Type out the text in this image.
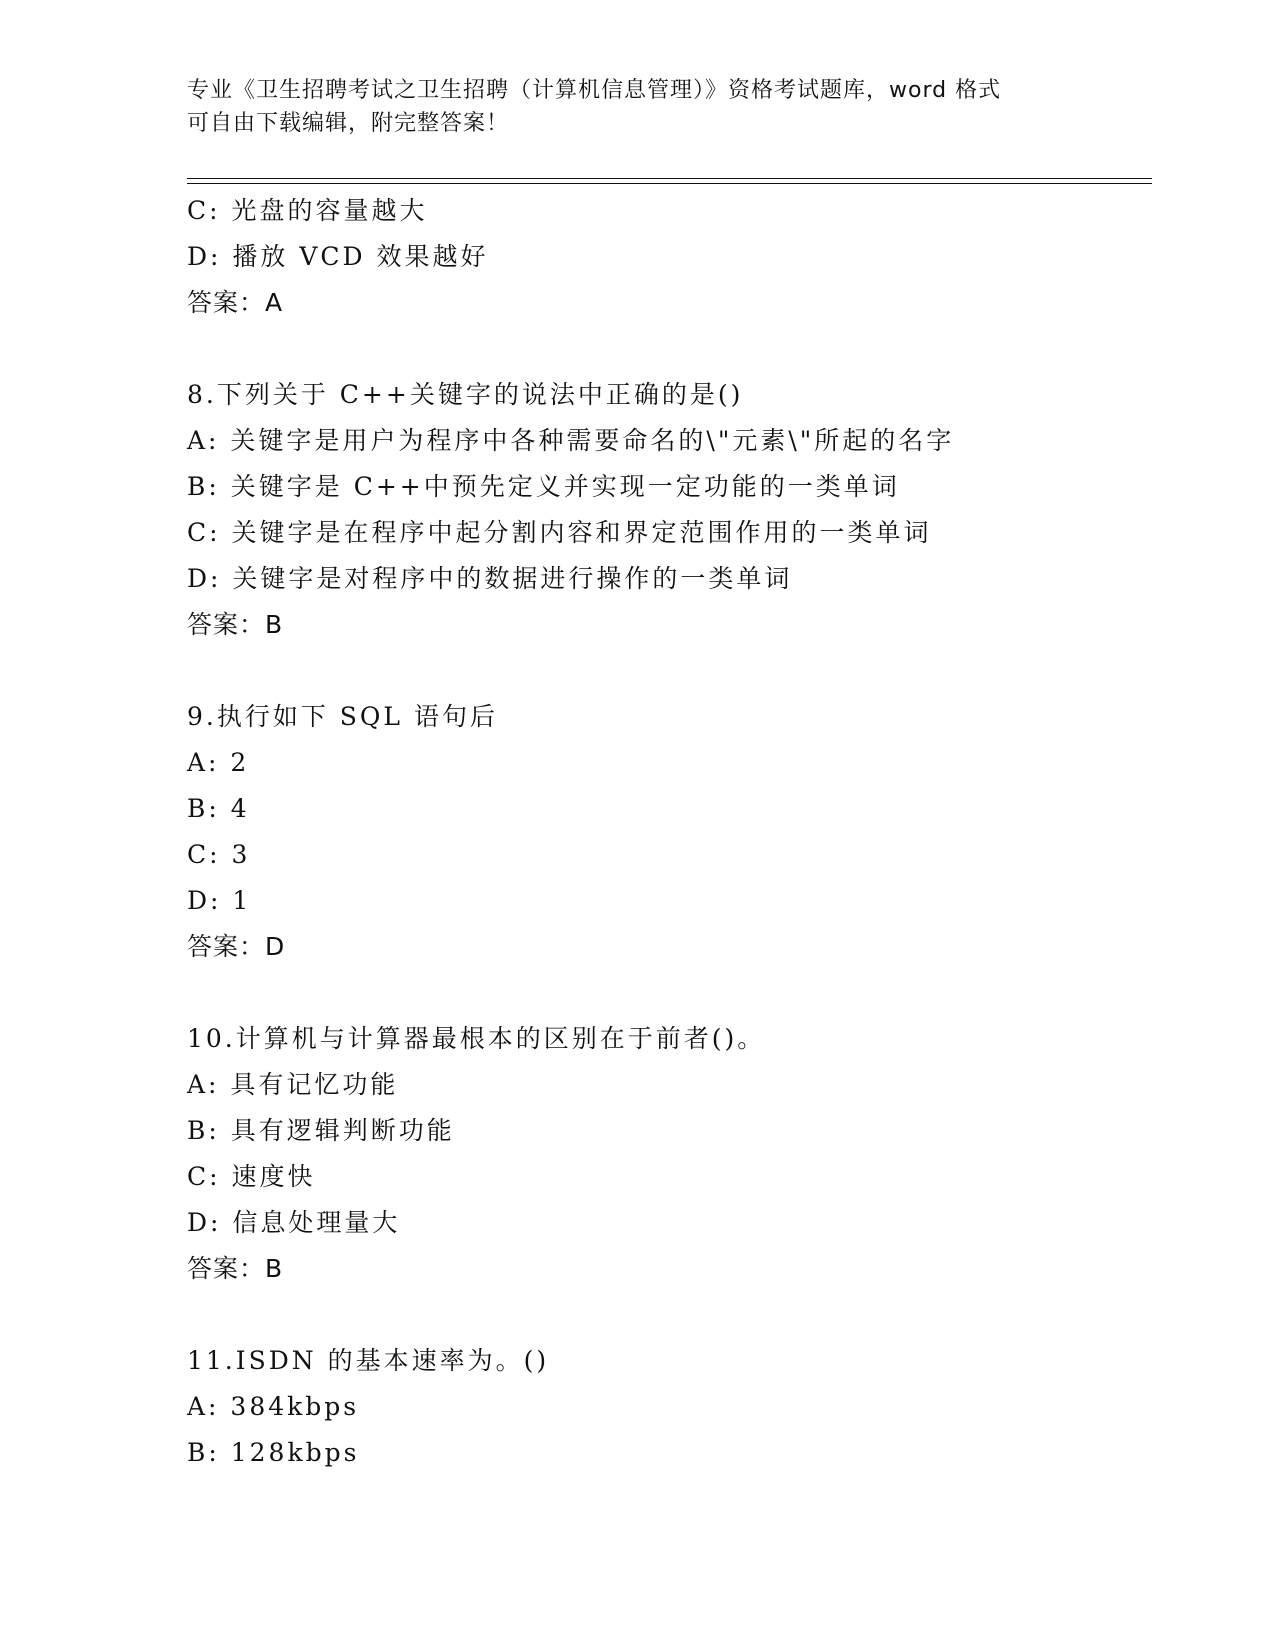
专业《卫生招聘考试之卫生招聘（计算机信息管理）》资格考试题库，word 格式
可自由下载编辑，附完整答案！
C: 光盘的容量越大
D: 播放 VCD 效果越好
答案：A
8.下列关于 C++关键字的说法中正确的是()
A: 关键字是用户为程序中各种需要命名的\"元素\"所起的名字
B: 关键字是 C++中预先定义并实现一定功能的一类单词
C: 关键字是在程序中起分割内容和界定范围作用的一类单词
D: 关键字是对程序中的数据进行操作的一类单词
答案：B
9.执行如下 SQL 语句后
A: 2
B: 4
C: 3
D: 1
答案：D
10.计算机与计算器最根本的区别在于前者()。
A: 具有记忆功能
B: 具有逻辑判断功能
C: 速度快
D: 信息处理量大
答案：B
11.ISDN 的基本速率为。()
A: 384kbps
B: 128kbps
